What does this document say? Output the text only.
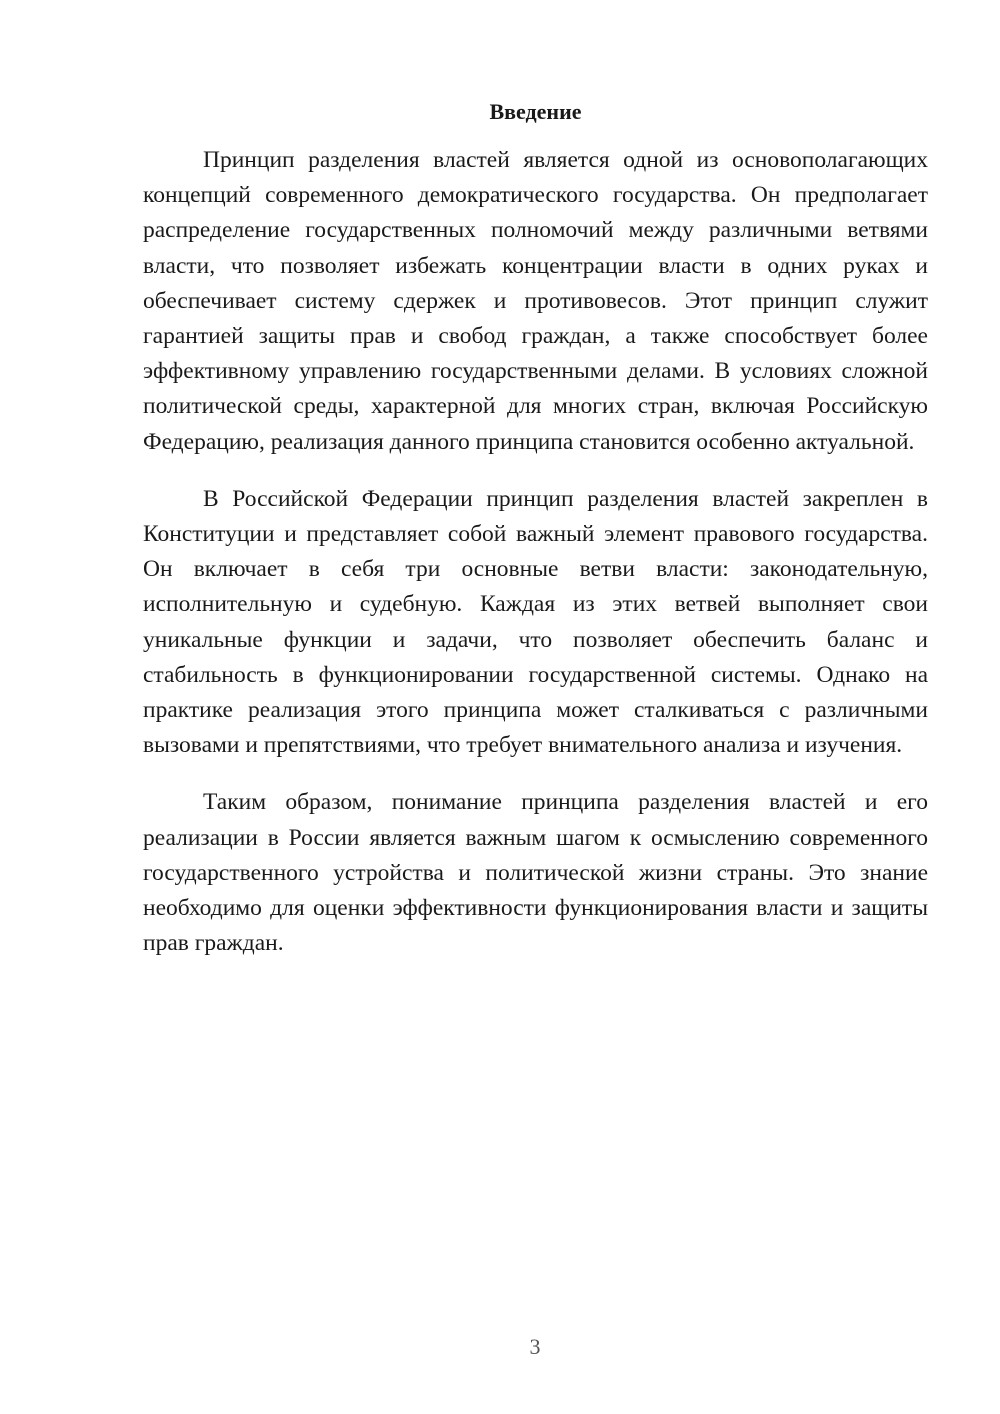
Введение

Принцип разделения властей является одной из основополагающих концепций современного демократического государства. Он предполагает распределение государственных полномочий между различными ветвями власти, что позволяет избежать концентрации власти в одних руках и обеспечивает систему сдержек и противовесов. Этот принцип служит гарантией защиты прав и свобод граждан, а также способствует более эффективному управлению государственными делами. В условиях сложной политической среды, характерной для многих стран, включая Российскую Федерацию, реализация данного принципа становится особенно актуальной.

В Российской Федерации принцип разделения властей закреплен в Конституции и представляет собой важный элемент правового государства. Он включает в себя три основные ветви власти: законодательную, исполнительную и судебную. Каждая из этих ветвей выполняет свои уникальные функции и задачи, что позволяет обеспечить баланс и стабильность в функционировании государственной системы. Однако на практике реализация этого принципа может сталкиваться с различными вызовами и препятствиями, что требует внимательного анализа и изучения.

Таким образом, понимание принципа разделения властей и его реализации в России является важным шагом к осмыслению современного государственного устройства и политической жизни страны. Это знание необходимо для оценки эффективности функционирования власти и защиты прав граждан.

3
